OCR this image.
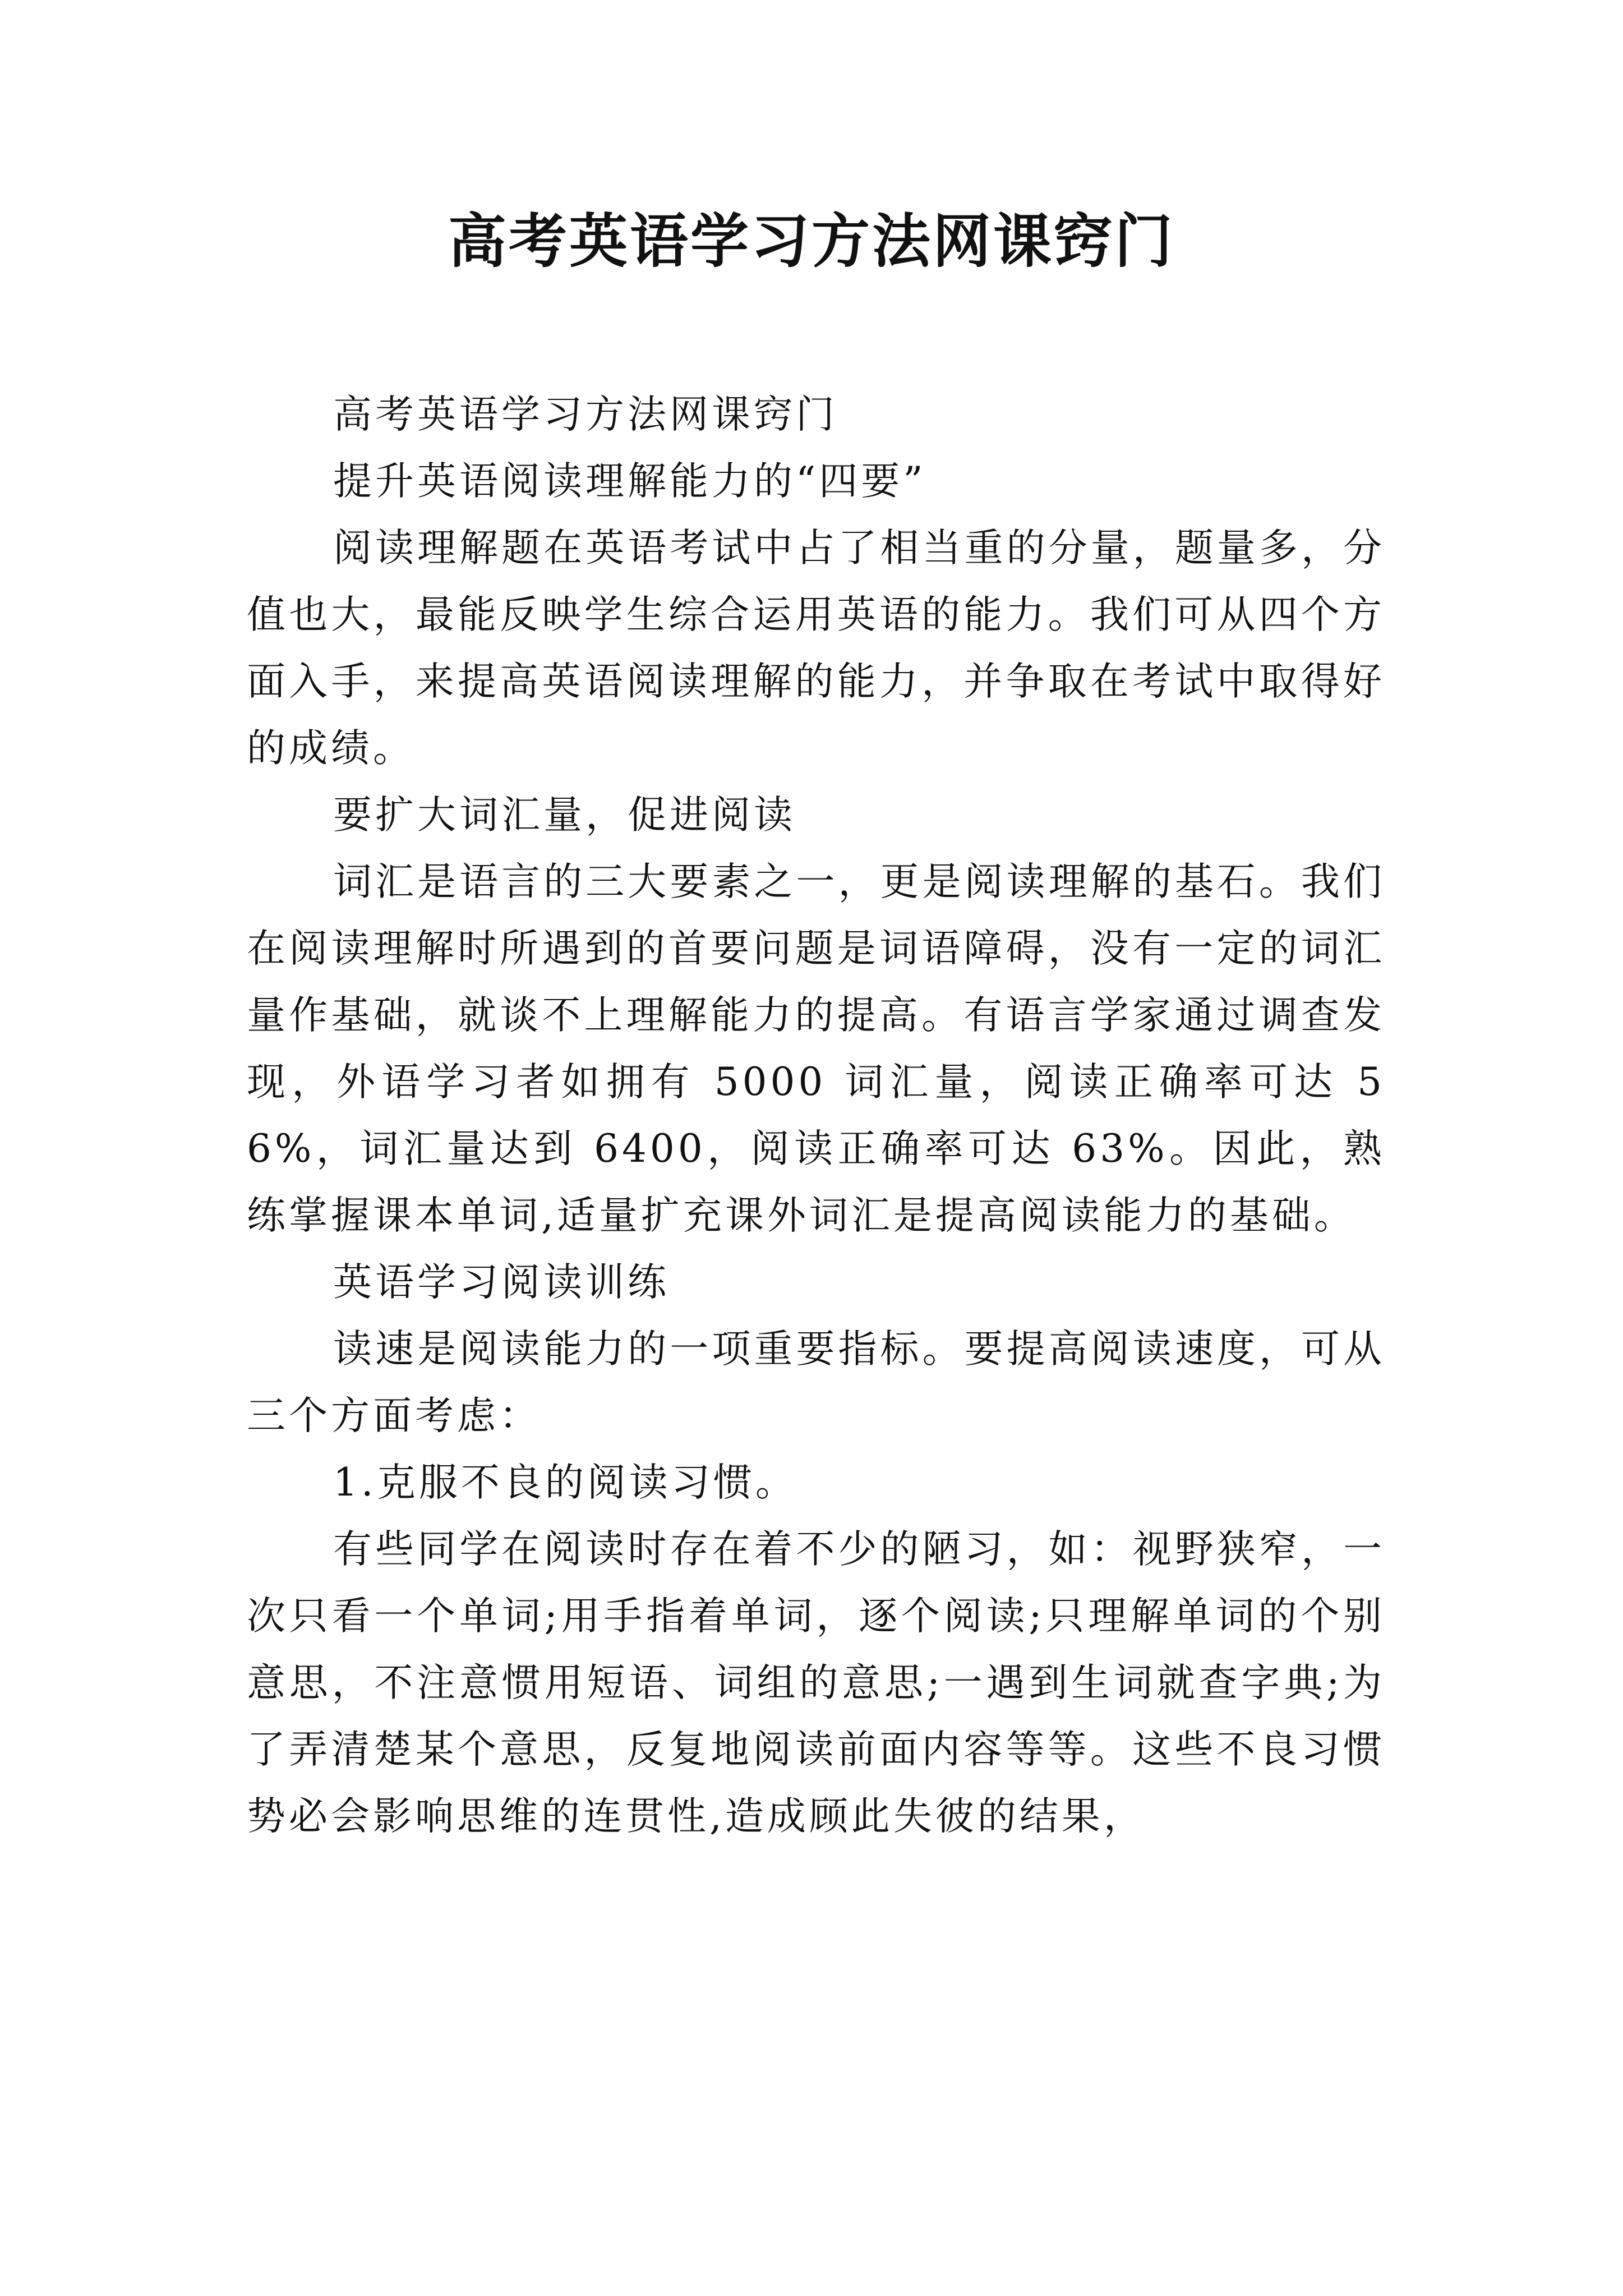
高考英语学习方法网课窍门

高考英语学习方法网课窍门

提升英语阅读理解能力的“四要”

阅读理解题在英语考试中占了相当重的分量，题量多，分值也大，最能反映学生综合运用英语的能力。我们可从四个方面入手，来提高英语阅读理解的能力，并争取在考试中取得好的成绩。

要扩大词汇量，促进阅读

词汇是语言的三大要素之一，更是阅读理解的基石。我们在阅读理解时所遇到的首要问题是词语障碍，没有一定的词汇量作基础，就谈不上理解能力的提高。有语言学家通过调查发现，外语学习者如拥有 5000 词汇量，阅读正确率可达 56%，词汇量达到 6400，阅读正确率可达 63%。因此，熟练掌握课本单词,适量扩充课外词汇是提高阅读能力的基础。

英语学习阅读训练

读速是阅读能力的一项重要指标。要提高阅读速度，可从三个方面考虑：

1.克服不良的阅读习惯。

有些同学在阅读时存在着不少的陋习，如：视野狭窄，一次只看一个单词;用手指着单词，逐个阅读;只理解单词的个别意思，不注意惯用短语、词组的意思;一遇到生词就查字典;为了弄清楚某个意思，反复地阅读前面内容等等。这些不良习惯势必会影响思维的连贯性,造成顾此失彼的结果，
